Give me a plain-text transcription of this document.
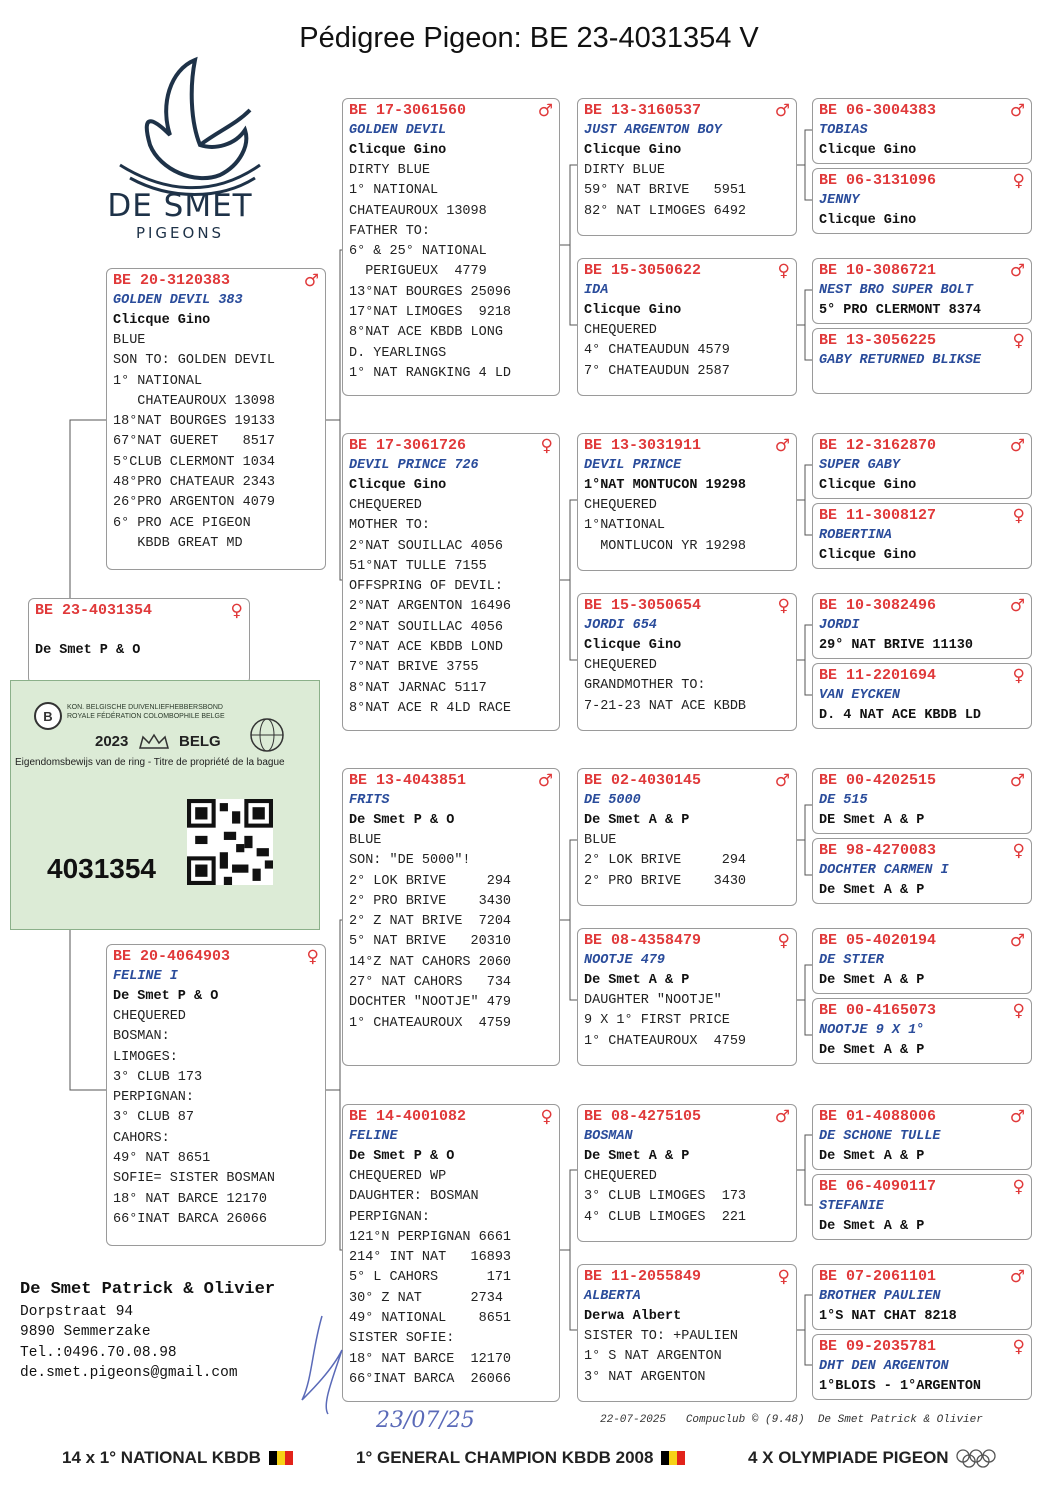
Pédigree Pigeon: BE 23-4031354 V
DE SMET
PIGEONS
BE 23-4031354	♀
De Smet P & O
BE 20-3120383	♂
GOLDEN DEVIL 383
Clicque Gino
BLUE
SON TO: GOLDEN DEVIL
1° NATIONAL
CHATEAUROUX 13098
18°NAT BOURGES 19133
67°NAT GUERET   8517
5°CLUB CLERMONT 1034
48°PRO CHATEAUR 2343
26°PRO ARGENTON 4079
6° PRO ACE PIGEON
KBDB GREAT MD
BE 20-4064903	♀
FELINE I
De Smet P & O
CHEQUERED
BOSMAN:
LIMOGES:
3° CLUB 173
PERPIGNAN:
3° CLUB 87
CAHORS:
49° NAT 8651
SOFIE= SISTER BOSMAN
18° NAT BARCE 12170
66°INAT BARCA 26066
BE 17-3061560	♂
GOLDEN DEVIL
Clicque Gino
DIRTY BLUE
1° NATIONAL
CHATEAUROUX 13098
FATHER TO:
6° & 25° NATIONAL
PERIGUEUX  4779
13°NAT BOURGES 25096
17°NAT LIMOGES  9218
8°NAT ACE KBDB LONG
D. YEARLINGS
1° NAT RANGKING 4 LD
BE 17-3061726	♀
DEVIL PRINCE 726
Clicque Gino
CHEQUERED
MOTHER TO:
2°NAT SOUILLAC 4056
51°NAT TULLE 7155
OFFSPRING OF DEVIL:
2°NAT ARGENTON 16496
2°NAT SOUILLAC 4056
7°NAT ACE KBDB LOND
7°NAT BRIVE 3755
8°NAT JARNAC 5117
8°NAT ACE R 4LD RACE
BE 13-4043851	♂
FRITS
De Smet P & O
BLUE
SON: "DE 5000"!
2° LOK BRIVE     294
2° PRO BRIVE    3430
2° Z NAT BRIVE  7204
5° NAT BRIVE   20310
14°Z NAT CAHORS 2060
27° NAT CAHORS   734
DOCHTER "NOOTJE" 479
1° CHATEAUROUX  4759
BE 14-4001082	♀
FELINE
De Smet P & O
CHEQUERED WP
DAUGHTER: BOSMAN
PERPIGNAN:
121°N PERPIGNAN 6661
214° INT NAT   16893
5° L CAHORS      171
30° Z NAT      2734
49° NATIONAL    8651
SISTER SOFIE:
18° NAT BARCE  12170
66°INAT BARCA  26066
BE 13-3160537	♂
JUST ARGENTON BOY
Clicque Gino
DIRTY BLUE
59° NAT BRIVE   5951
82° NAT LIMOGES 6492
BE 15-3050622	♀
IDA
Clicque Gino
CHEQUERED
4° CHATEAUDUN 4579
7° CHATEAUDUN 2587
BE 13-3031911	♂
DEVIL PRINCE
1°NAT MONTUCON 19298
CHEQUERED
1°NATIONAL
MONTLUCON YR 19298
BE 15-3050654	♀
JORDI 654
Clicque Gino
CHEQUERED
GRANDMOTHER TO:
7-21-23 NAT ACE KBDB
BE 02-4030145	♂
DE 5000
De Smet A & P
BLUE
2° LOK BRIVE     294
2° PRO BRIVE    3430
BE 08-4358479	♀
NOOTJE 479
De Smet A & P
DAUGHTER "NOOTJE"
9 X 1° FIRST PRICE
1° CHATEAUROUX  4759
BE 08-4275105	♂
BOSMAN
De Smet A & P
CHEQUERED
3° CLUB LIMOGES  173
4° CLUB LIMOGES  221
BE 11-2055849	♀
ALBERTA
Derwa Albert
SISTER TO: +PAULIEN
1° S NAT ARGENTON
3° NAT ARGENTON
BE 06-3004383	♂
TOBIAS
Clicque Gino
BE 06-3131096	♀
JENNY
Clicque Gino
BE 10-3086721	♂
NEST BRO SUPER BOLT
5° PRO CLERMONT 8374
BE 13-3056225	♀
GABY RETURNED BLIKSE
BE 12-3162870	♂
SUPER GABY
Clicque Gino
BE 11-3008127	♀
ROBERTINA
Clicque Gino
BE 10-3082496	♂
JORDI
29° NAT BRIVE 11130
BE 11-2201694	♀
VAN EYCKEN
D. 4 NAT ACE KBDB LD
BE 00-4202515	♂
DE 515
DE Smet A & P
BE 98-4270083	♀
DOCHTER CARMEN I
De Smet A & P
BE 05-4020194	♂
DE STIER
De Smet A & P
BE 00-4165073	♀
NOOTJE 9 X 1°
De Smet A & P
BE 01-4088006	♂
DE SCHONE TULLE
De Smet A & P
BE 06-4090117	♀
STEFANIE
De Smet A & P
BE 07-2061101	♂
BROTHER PAULIEN
1°S NAT CHAT 8218
BE 09-2035781	♀
DHT DEN ARGENTON
1°BLOIS - 1°ARGENTON
B
KON. BELGISCHE DUIVENLIEFHEBBERSBOND
ROYALE FÉDÉRATION COLOMBOPHILE BELGE
2023	BELG
Eigendomsbewijs van de ring - Titre de propriété de la bague
4031354
De Smet Patrick & Olivier
Dorpstraat 94
9890 Semmerzake
Tel.:0496.70.08.98
de.smet.pigeons@gmail.com
22-07-2025   Compuclub © (9.48)  De Smet Patrick & Olivier
23/07/25
14 x 1° NATIONAL KBDB	1° GENERAL CHAMPION KBDB 2008	4 X OLYMPIADE PIGEON
